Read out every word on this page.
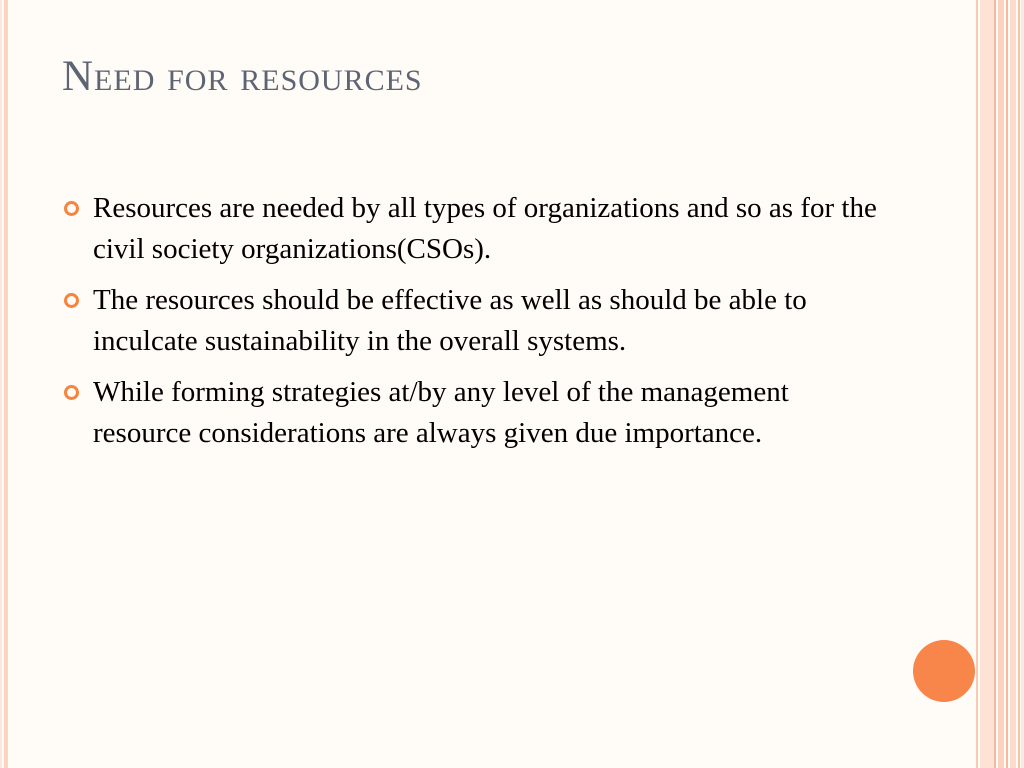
Need for resources
Resources are needed by all types of organizations and so as for the civil society organizations(CSOs).
The resources should be effective as well as should be able to inculcate sustainability in the overall systems.
While forming strategies at/by any level of the management resource considerations are always given due importance.
